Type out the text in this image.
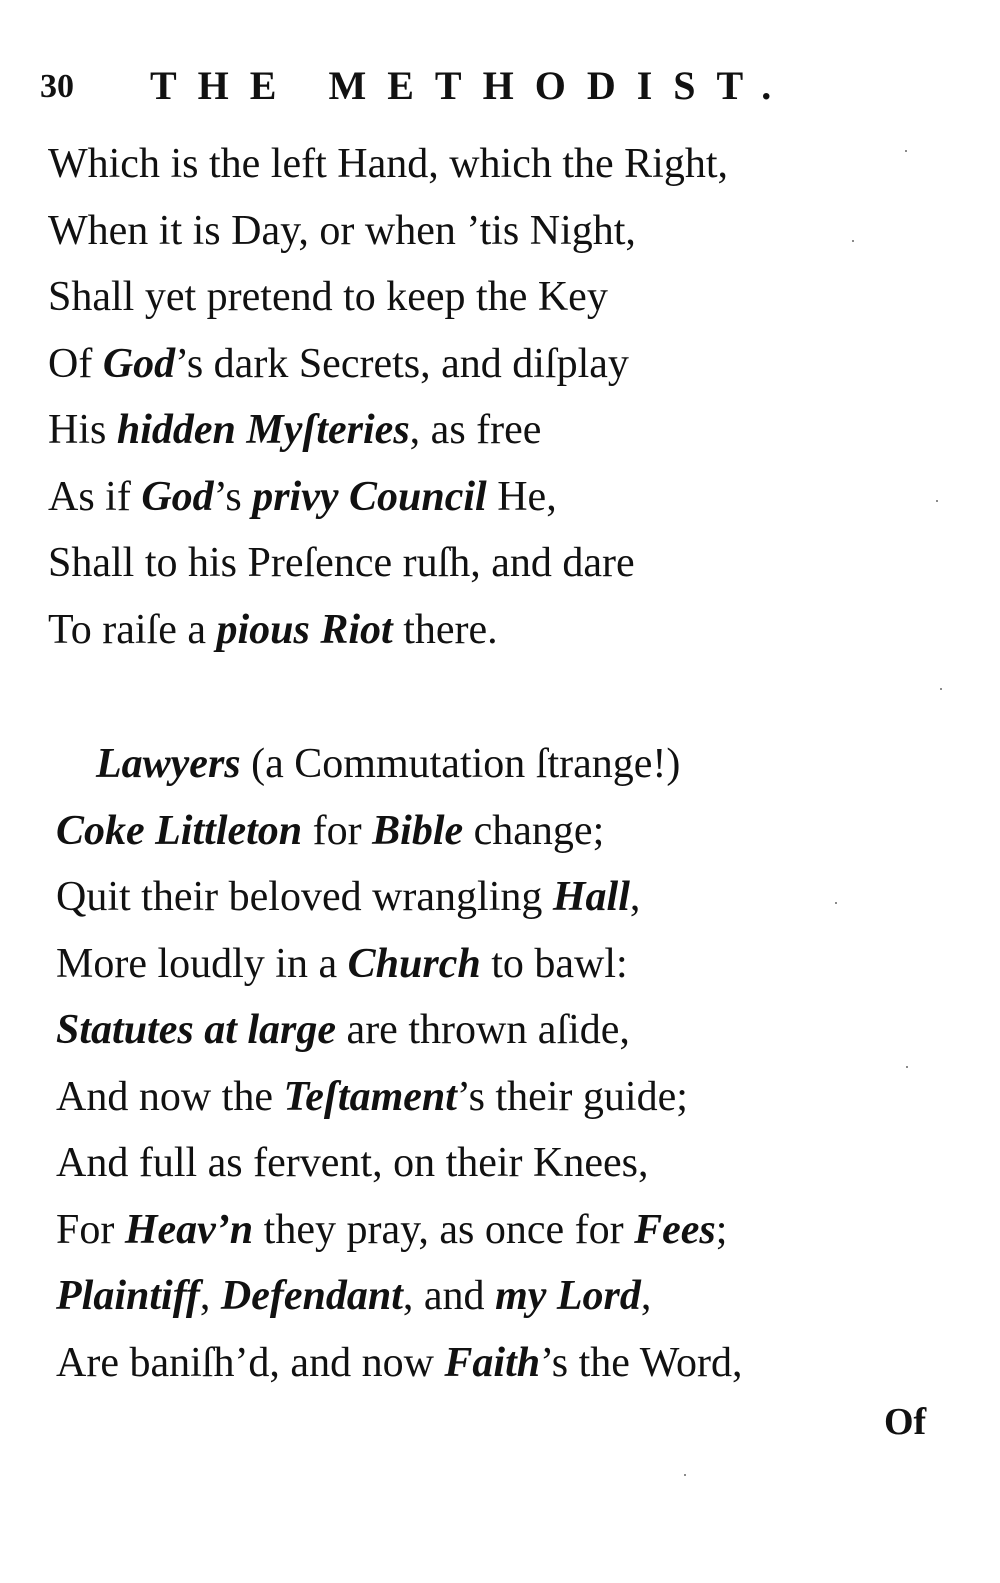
30 THE METHODIST.
Which is the left Hand, which the Right,
When it is Day, or when ’tis Night,
Shall yet pretend to keep the Key
Of God’s dark Secrets, and diſplay
His hidden Myſteries, as free
As if God’s privy Council He,
Shall to his Preſence ruſh, and dare
To raiſe a pious Riot there.
Lawyers (a Commutation ſtrange!)
Coke Littleton for Bible change;
Quit their beloved wrangling Hall,
More loudly in a Church to bawl:
Statutes at large are thrown aſide,
And now the Teſtament’s their guide;
And full as fervent, on their Knees,
For Heav’n they pray, as once for Fees;
Plaintiff, Defendant, and my Lord,
Are baniſh’d, and now Faith’s the Word,
Of
